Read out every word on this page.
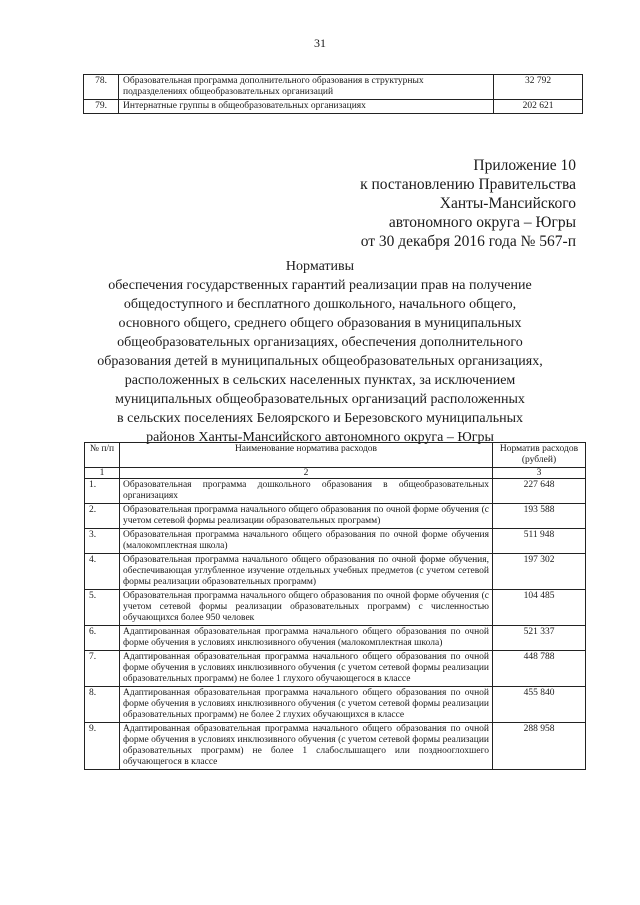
31
78.	Образовательная программа дополнительного образования в структурных подразделениях общеобразовательных организаций	32 792
79.	Интернатные группы в общеобразовательных организациях	202 621
Приложение 10
к постановлению Правительства
Ханты-Мансийского
автономного округа – Югры
от 30 декабря 2016 года № 567-п
Нормативы
обеспечения государственных гарантий реализации прав на получение
общедоступного и бесплатного дошкольного, начального общего,
основного общего, среднего общего образования в муниципальных
общеобразовательных организациях, обеспечения дополнительного
образования детей в муниципальных общеобразовательных организациях,
расположенных в сельских населенных пунктах, за исключением
муниципальных общеобразовательных организаций расположенных
в сельских поселениях Белоярского и Березовского муниципальных
районов Ханты-Мансийского автономного округа – Югры
№ п/п	Наименование норматива расходов	Норматив расходов (рублей)
1	2	3
1.	Образовательная программа дошкольного образования в общеобразовательных организациях	227 648
2.	Образовательная программа начального общего образования по очной форме обучения (с учетом сетевой формы реализации образовательных программ)	193 588
3.	Образовательная программа начального общего образования по очной форме обучения (малокомплектная школа)	511 948
4.	Образовательная программа начального общего образования по очной форме обучения, обеспечивающая углубленное изучение отдельных учебных предметов (с учетом сетевой формы реализации образовательных программ)	197 302
5.	Образовательная программа начального общего образования по очной форме обучения (с учетом сетевой формы реализации образовательных программ) с численностью обучающихся более 950 человек	104 485
6.	Адаптированная образовательная программа начального общего образования по очной форме обучения в условиях инклюзивного обучения (малокомплектная школа)	521 337
7.	Адаптированная образовательная программа начального общего образования по очной форме обучения в условиях инклюзивного обучения (с учетом сетевой формы реализации образовательных программ) не более 1 глухого обучающегося в классе	448 788
8.	Адаптированная образовательная программа начального общего образования по очной форме обучения в условиях инклюзивного обучения (с учетом сетевой формы реализации образовательных программ) не более 2 глухих обучающихся в классе	455 840
9.	Адаптированная образовательная программа начального общего образования по очной форме обучения в условиях инклюзивного обучения (с учетом сетевой формы реализации образовательных программ) не более 1 слабослышащего или позднооглохшего обучающегося в классе	288 958
